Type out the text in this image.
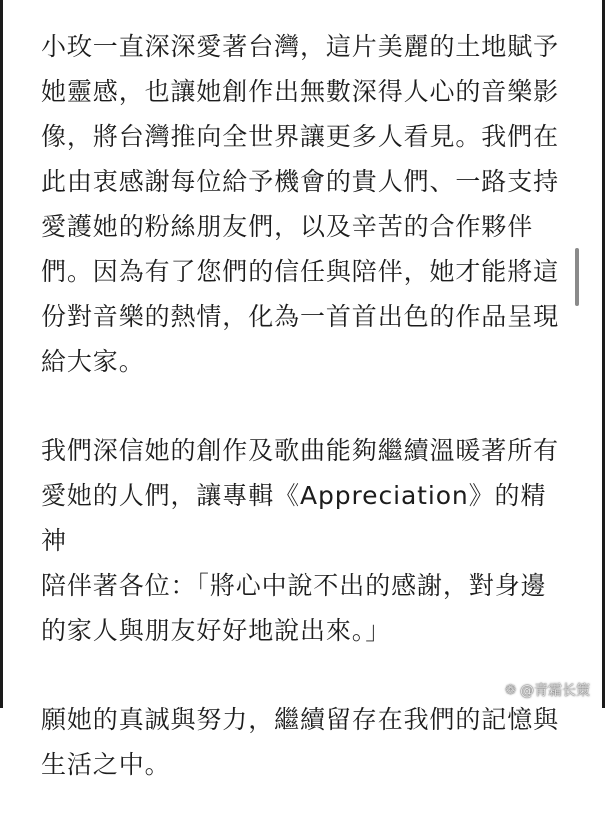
小玫一直深深愛著台灣，這片美麗的土地賦予
她靈感，也讓她創作出無數深得人心的音樂影
像，將台灣推向全世界讓更多人看見。我們在
此由衷感謝每位給予機會的貴人們、一路支持
愛護她的粉絲朋友們，以及辛苦的合作夥伴
們。因為有了您們的信任與陪伴，她才能將這
份對音樂的熱情，化為一首首出色的作品呈現
給大家。

我們深信她的創作及歌曲能夠繼續溫暖著所有
愛她的人們，讓專輯《Appreciation》的精神
陪伴著各位：「將心中說不出的感謝，對身邊
的家人與朋友好好地說出來。」

願她的真誠與努力，繼續留存在我們的記憶與
生活之中。

❁ @青霜长策
